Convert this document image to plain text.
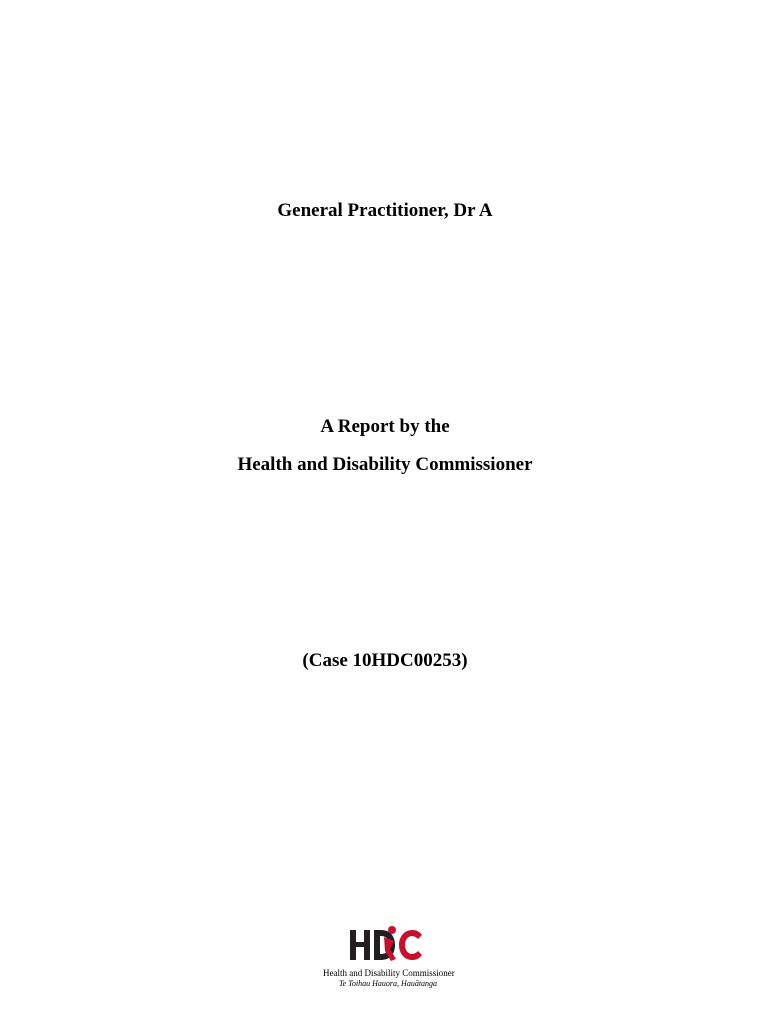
General Practitioner, Dr A
A Report by the
Health and Disability Commissioner
(Case 10HDC00253)
Health and Disability Commissioner
Te Toihau Hauora, Hauātanga
